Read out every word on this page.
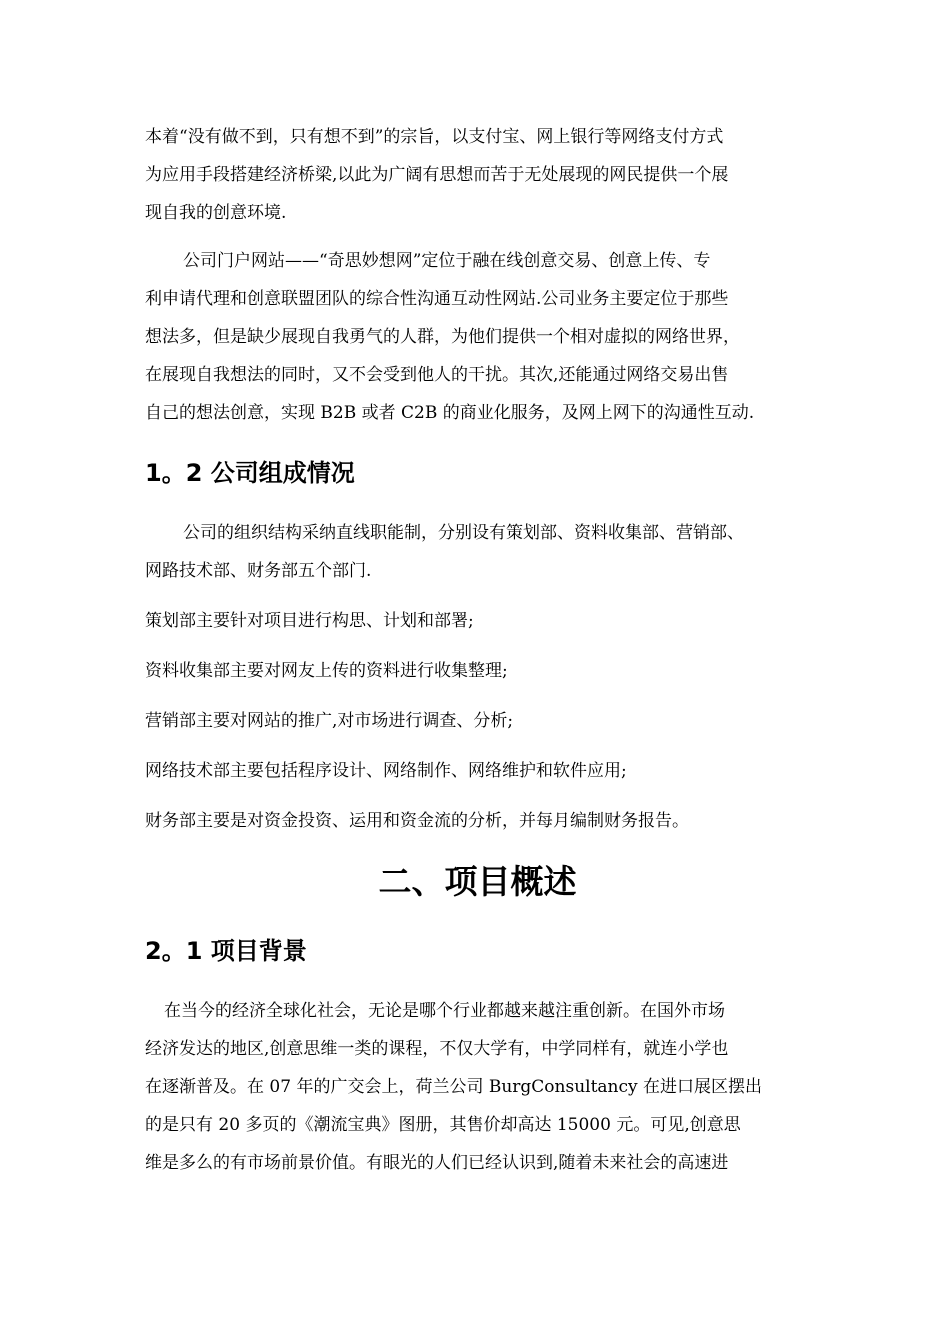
本着“没有做不到，只有想不到”的宗旨，以支付宝、网上银行等网络支付方式

为应用手段搭建经济桥梁,以此为广阔有思想而苦于无处展现的网民提供一个展

现自我的创意环境.

公司门户网站——“奇思妙想网”定位于融在线创意交易、创意上传、专

利申请代理和创意联盟团队的综合性沟通互动性网站.公司业务主要定位于那些

想法多，但是缺少展现自我勇气的人群，为他们提供一个相对虚拟的网络世界，

在展现自我想法的同时，又不会受到他人的干扰。其次,还能通过网络交易出售

自己的想法创意，实现 B2B 或者 C2B 的商业化服务，及网上网下的沟通性互动.

1。2 公司组成情况

公司的组织结构采纳直线职能制，分别设有策划部、资料收集部、营销部、

网路技术部、财务部五个部门.

策划部主要针对项目进行构思、计划和部署;

资料收集部主要对网友上传的资料进行收集整理;

营销部主要对网站的推广,对市场进行调查、分析;

网络技术部主要包括程序设计、网络制作、网络维护和软件应用;

财务部主要是对资金投资、运用和资金流的分析，并每月编制财务报告。

二、项目概述
2。1 项目背景

在当今的经济全球化社会，无论是哪个行业都越来越注重创新。在国外市场

经济发达的地区,创意思维一类的课程，不仅大学有，中学同样有，就连小学也

在逐渐普及。在 07 年的广交会上，荷兰公司 BurgConsultancy 在进口展区摆出

的是只有 20 多页的《潮流宝典》图册，其售价却高达 15000 元。可见,创意思

维是多么的有市场前景价值。有眼光的人们已经认识到,随着未来社会的高速进
